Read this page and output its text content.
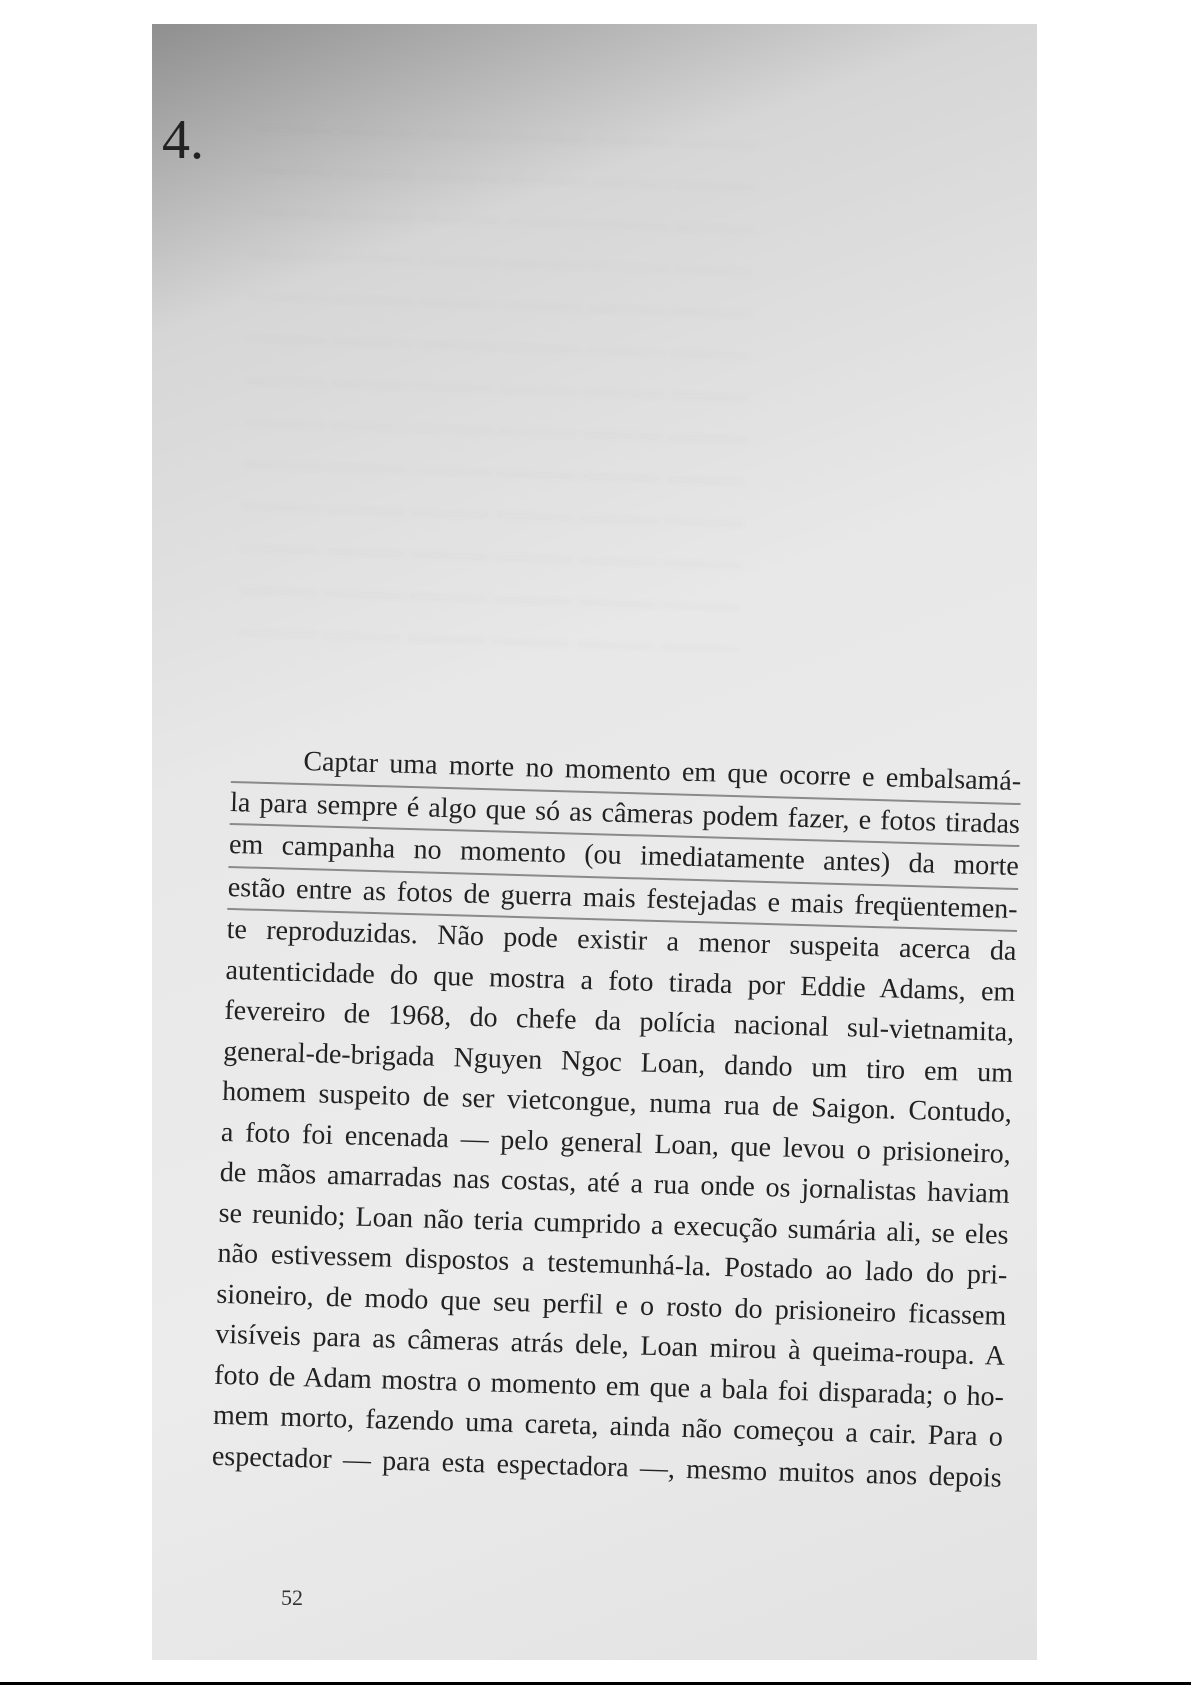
——— ——— ——— ——— ——— ———

——— ——— ——— ——— ——— ———

——— ——— ——— ——— ——— ———

——— ——— ——— ——— ——— ———

——— ——— ——— ——— ——— ———

——— ——— ——— ——— ——— ———

——— ——— ——— ——— ——— ———

——— ——— ——— ——— ——— ———

——— ——— ——— ——— ——— ———

——— ——— ——— ——— ——— ———

——— ——— ——— ——— ——— ———

——— ——— ——— ——— ——— ———

——— ——— ——— ——— ——— ———

4.

Captar uma morte no momento em que ocorre e embalsamá-

la para sempre é algo que só as câmeras podem fazer, e fotos tiradas

em campanha no momento (ou imediatamente antes) da morte

estão entre as fotos de guerra mais festejadas e mais freqüentemen-

te reproduzidas. Não pode existir a menor suspeita acerca da

autenticidade do que mostra a foto tirada por Eddie Adams, em

fevereiro de 1968, do chefe da polícia nacional sul-vietnamita,

general-de-brigada Nguyen Ngoc Loan, dando um tiro em um

homem suspeito de ser vietcongue, numa rua de Saigon. Contudo,

a foto foi encenada — pelo general Loan, que levou o prisioneiro,

de mãos amarradas nas costas, até a rua onde os jornalistas haviam

se reunido; Loan não teria cumprido a execução sumária ali, se eles

não estivessem dispostos a testemunhá-la. Postado ao lado do pri-

sioneiro, de modo que seu perfil e o rosto do prisioneiro ficassem

visíveis para as câmeras atrás dele, Loan mirou à queima-roupa. A

foto de Adam mostra o momento em que a bala foi disparada; o ho-

mem morto, fazendo uma careta, ainda não começou a cair. Para o

espectador — para esta espectadora —, mesmo muitos anos depois

52
